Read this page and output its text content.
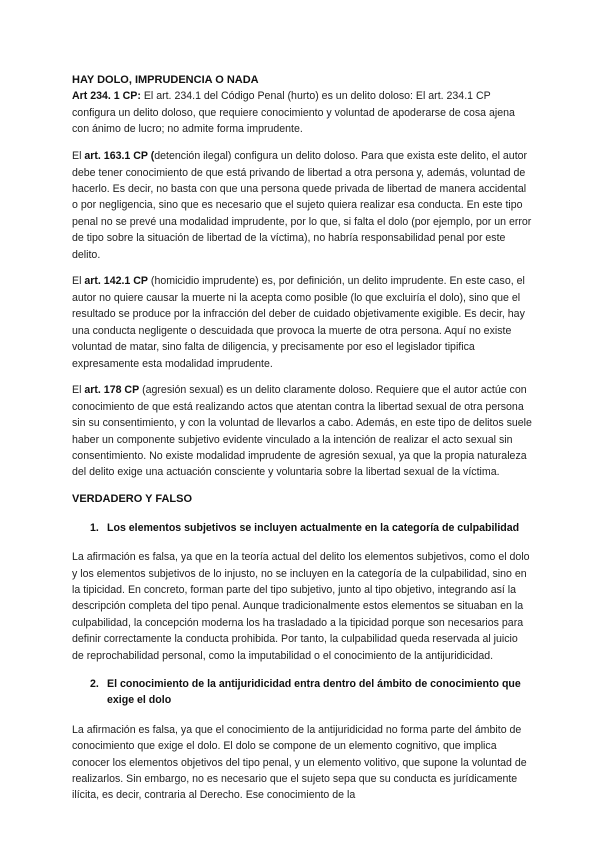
HAY DOLO, IMPRUDENCIA O NADA

Art 234. 1 CP: El art. 234.1 del Código Penal (hurto) es un delito doloso: El art. 234.1 CP configura un delito doloso, que requiere conocimiento y voluntad de apoderarse de cosa ajena con ánimo de lucro; no admite forma imprudente.

El art. 163.1 CP (detención ilegal) configura un delito doloso. Para que exista este delito, el autor debe tener conocimiento de que está privando de libertad a otra persona y, además, voluntad de hacerlo. Es decir, no basta con que una persona quede privada de libertad de manera accidental o por negligencia, sino que es necesario que el sujeto quiera realizar esa conducta. En este tipo penal no se prevé una modalidad imprudente, por lo que, si falta el dolo (por ejemplo, por un error de tipo sobre la situación de libertad de la víctima), no habría responsabilidad penal por este delito.

El art. 142.1 CP (homicidio imprudente) es, por definición, un delito imprudente. En este caso, el autor no quiere causar la muerte ni la acepta como posible (lo que excluiría el dolo), sino que el resultado se produce por la infracción del deber de cuidado objetivamente exigible. Es decir, hay una conducta negligente o descuidada que provoca la muerte de otra persona. Aquí no existe voluntad de matar, sino falta de diligencia, y precisamente por eso el legislador tipifica expresamente esta modalidad imprudente.

El art. 178 CP (agresión sexual) es un delito claramente doloso. Requiere que el autor actúe con conocimiento de que está realizando actos que atentan contra la libertad sexual de otra persona sin su consentimiento, y con la voluntad de llevarlos a cabo. Además, en este tipo de delitos suele haber un componente subjetivo evidente vinculado a la intención de realizar el acto sexual sin consentimiento. No existe modalidad imprudente de agresión sexual, ya que la propia naturaleza del delito exige una actuación consciente y voluntaria sobre la libertad sexual de la víctima.

VERDADERO Y FALSO

1. Los elementos subjetivos se incluyen actualmente en la categoría de culpabilidad

La afirmación es falsa, ya que en la teoría actual del delito los elementos subjetivos, como el dolo y los elementos subjetivos de lo injusto, no se incluyen en la categoría de la culpabilidad, sino en la tipicidad. En concreto, forman parte del tipo subjetivo, junto al tipo objetivo, integrando así la descripción completa del tipo penal. Aunque tradicionalmente estos elementos se situaban en la culpabilidad, la concepción moderna los ha trasladado a la tipicidad porque son necesarios para definir correctamente la conducta prohibida. Por tanto, la culpabilidad queda reservada al juicio de reprochabilidad personal, como la imputabilidad o el conocimiento de la antijuridicidad.

2. El conocimiento de la antijuridicidad entra dentro del ámbito de conocimiento que exige el dolo

La afirmación es falsa, ya que el conocimiento de la antijuridicidad no forma parte del ámbito de conocimiento que exige el dolo. El dolo se compone de un elemento cognitivo, que implica conocer los elementos objetivos del tipo penal, y un elemento volitivo, que supone la voluntad de realizarlos. Sin embargo, no es necesario que el sujeto sepa que su conducta es jurídicamente ilícita, es decir, contraria al Derecho. Ese conocimiento de la
